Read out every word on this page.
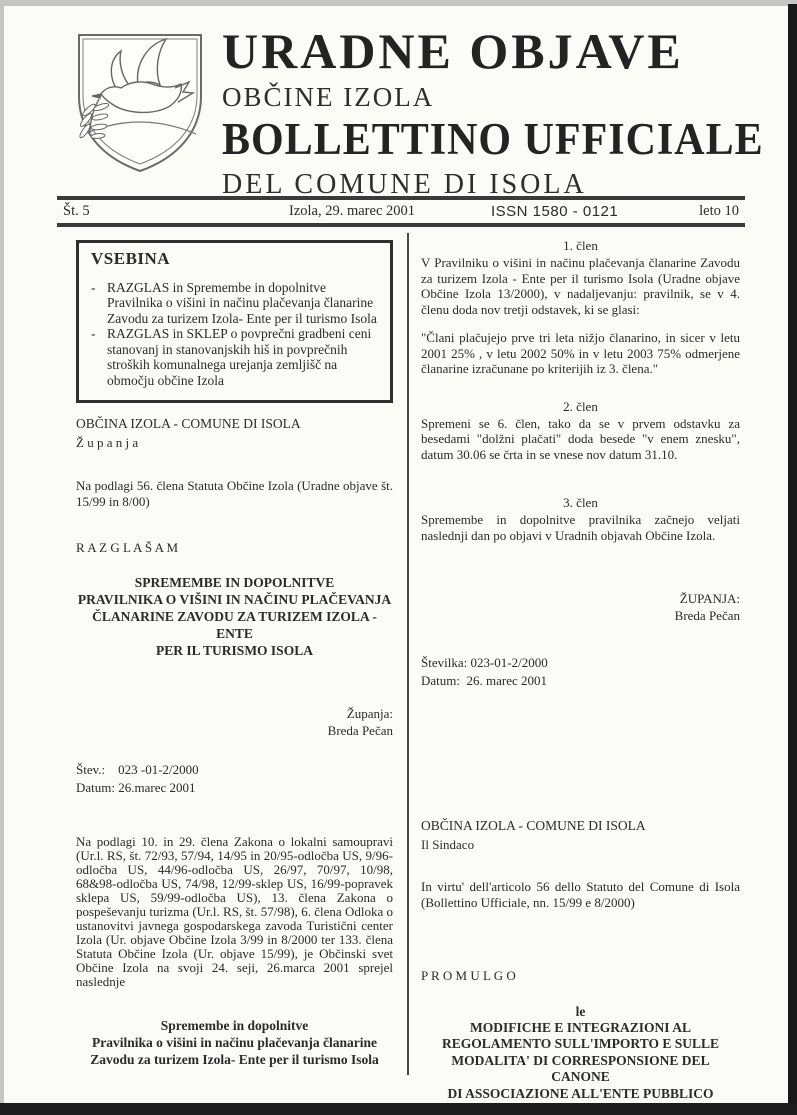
URADNE OBJAVE
OBČINE IZOLA
BOLLETTINO UFFICIALE
DEL COMUNE DI ISOLA
Št. 5	Izola, 29. marec 2001	ISSN 1580 - 0121	leto 10
VSEBINA
- RAZGLAS in Spremembe in dopolnitve Pravilnika o višini in načinu plačevanja članarine Zavodu za turizem Izola- Ente per il turismo Isola
- RAZGLAS in SKLEP o povprečni gradbeni ceni stanovanj in stanovanjskih hiš in povprečnih stroških komunalnega urejanja zemljišč na območju občine Izola
OBČINA IZOLA - COMUNE DI ISOLA
Ž u p a n j a
Na podlagi 56. člena Statuta Občine Izola (Uradne objave št. 15/99 in 8/00)
R A Z G L A Š A M
SPREMEMBE IN DOPOLNITVE
PRAVILNIKA O VIŠINI IN NAČINU PLAČEVANJA
ČLANARINE ZAVODU ZA TURIZEM IZOLA -ENTE
PER IL TURISMO ISOLA
Županja:
Breda Pečan
Štev.:    023 -01-2/2000
Datum: 26.marec 2001
Na podlagi 10. in 29. člena Zakona o lokalni samoupravi (Ur.l. RS, št. 72/93, 57/94, 14/95 in 20/95-odločba US, 9/96-odločba US, 44/96-odločba US, 26/97, 70/97, 10/98, 68&98-odločba US, 74/98, 12/99-sklep US, 16/99-popravek sklepa US, 59/99-odločba US), 13. člena Zakona o pospeševanju turizma (Ur.l. RS, št. 57/98), 6. člena Odloka o ustanovitvi javnega gospodarskega zavoda Turistični center Izola (Ur. objave Občine Izola 3/99 in 8/2000 ter 133. člena Statuta Občine Izola (Ur. objave 15/99), je Občinski svet Občine Izola na svoji 24. seji, 26.marca 2001 sprejel naslednje
Spremembe in dopolnitve
Pravilnika o višini in načinu plačevanja članarine
Zavodu za turizem Izola- Ente per il turismo Isola
1. člen
V Pravilniku o višini in načinu plačevanja članarine Zavodu za turizem Izola - Ente per il turismo Isola (Uradne objave Občine Izola 13/2000), v nadaljevanju: pravilnik, se v 4. členu doda nov tretji odstavek, ki se glasi:
"Člani plačujejo prve tri leta nižjo članarino, in sicer v letu 2001 25% , v letu 2002 50% in v letu 2003 75% odmerjene članarine izračunane po kriterijih iz 3. člena."
2. člen
Spremeni se 6. člen, tako da se v prvem odstavku za besedami "dolžni plačati" doda besede "v enem znesku", datum 30.06 se črta in se vnese nov datum 31.10.
3. člen
Spremembe in dopolnitve pravilnika začnejo veljati naslednji dan po objavi v Uradnih objavah Občine Izola.
ŽUPANJA:
Breda Pečan
Številka: 023-01-2/2000
Datum:  26. marec 2001
OBČINA IZOLA - COMUNE DI ISOLA
Il Sindaco
In virtu' dell'articolo 56 dello Statuto del Comune di Isola (Bollettino Ufficiale, nn. 15/99 e 8/2000)
P R O M U L G O
le
MODIFICHE E INTEGRAZIONI AL
REGOLAMENTO SULL'IMPORTO E SULLE
MODALITA' DI CORRESPONSIONE DEL CANONE
DI ASSOCIAZIONE ALL'ENTE PUBBLICO
